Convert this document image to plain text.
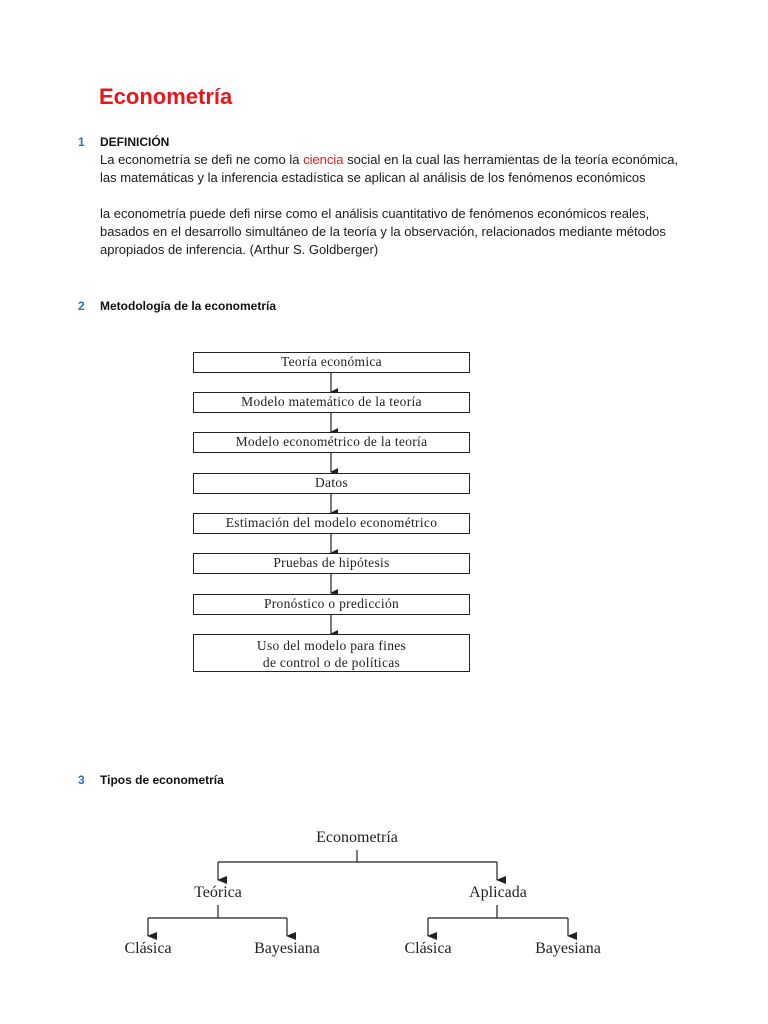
Econometría
1 DEFINICIÓN
La econometría se defi ne como la ciencia social en la cual las herramientas de la teoría económica,
las matemáticas y la inferencia estadística se aplican al análisis de los fenómenos económicos
la econometría puede defi nirse como el análisis cuantitativo de fenómenos económicos reales,
basados en el desarrollo simultáneo de la teoría y la observación, relacionados mediante métodos
apropiados de inferencia. (Arthur S. Goldberger)
2 Metodología de la econometría
Teoría económica
Modelo matemático de la teoría
Modelo econométrico de la teoría
Datos
Estimación del modelo econométrico
Pruebas de hipótesis
Pronóstico o predicción
Uso del modelo para fines
de control o de políticas
3 Tipos de econometría
Econometría
Teórica	Aplicada
Clásica	Bayesiana	Clásica	Bayesiana
